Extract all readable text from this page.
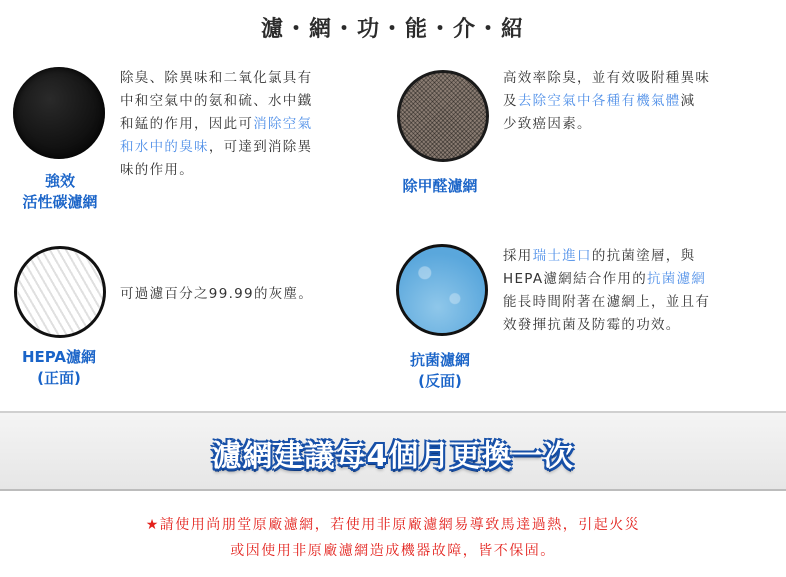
濾・網・功・能・介・紹
強效
活性碳濾網
除臭、除異味和二氧化氯具有
中和空氣中的氨和硫、水中鐵
和錳的作用，因此可消除空氣
和水中的臭味，可達到消除異
味的作用。
除甲醛濾網
高效率除臭，並有效吸附種異味
及去除空氣中各種有機氣體減
少致癌因素。
HEPA濾網
(正面)
可過濾百分之99.99的灰塵。
抗菌濾網
(反面)
採用瑞士進口的抗菌塗層，與
HEPA濾網結合作用的抗菌濾網
能長時間附著在濾網上，並且有
效發揮抗菌及防霉的功效。
濾網建議每4個月更換一次
★請使用尚朋堂原廠濾網，若使用非原廠濾網易導致馬達過熱，引起火災
或因使用非原廠濾網造成機器故障，皆不保固。
